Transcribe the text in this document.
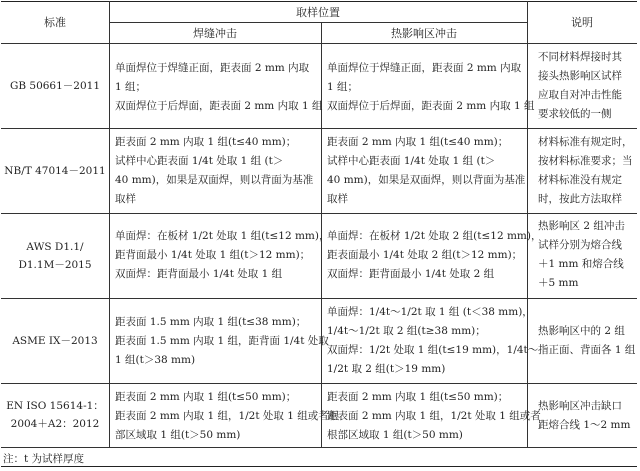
标准
取样位置
焊缝冲击	热影响区冲击
说明

GB 50661－2011

单面焊位于焊缝正面，距表面 2 mm 内取

1 组；

双面焊位于后焊面，距表面 2 mm 内取 1 组

单面焊位于焊缝正面，距表面 2 mm 内取

1 组；

双面焊位于后焊面，距表面 2 mm 内取 1 组

不同材料焊接时其

接头热影响区试样

应取自对冲击性能

要求较低的一侧

NB/T 47014－2011

距表面 2 mm 内取 1 组(t≤40 mm)；

试样中心距表面 1/4t 处取 1 组 (t＞

40 mm)，如果是双面焊，则以背面为基准

取样

距表面 2 mm 内取 1 组(t≤40 mm)；

试样中心距表面 1/4t 处取 1 组 (t＞

40 mm)，如果是双面焊，则以背面为基准

取样

材料标准有规定时，

按材料标准要求；当

材料标准没有规定

时，按此方法取样

AWS D1.1/

D1.1M－2015

单面焊：在板材 1/2t 处取 1 组(t≤12 mm)，

距背面最小 1/4t 处取 1 组(t＞12 mm)；

双面焊：距背面最小 1/4t 处取 1 组

单面焊：在板材 1/2t 处取 2 组(t≤12 mm)，

距表面最小 1/4t 处取 2 组(t＞12 mm)；

双面焊：距背面最小 1/4t 处取 2 组

热影响区 2 组冲击

试样分别为熔合线

＋1 mm 和熔合线

＋5 mm

ASME IX－2013

距表面 1.5 mm 内取 1 组(t≤38 mm)；

距表面 1.5 mm 内取 1 组，距背面 1/4t 处取

1 组(t＞38 mm)

单面焊：1/4t～1/2t 取 1 组 (t＜38 mm)，

1/4t～1/2t 取 2 组(t≥38 mm)；

双面焊：1/2t 处取 1 组(t≤19 mm)，1/4t～

1/2t 取 2 组(t＞19 mm)

热影响区中的 2 组

指正面、背面各 1 组

EN ISO 15614-1：

2004＋A2：2012

距表面 2 mm 内取 1 组(t≤50 mm)；

距表面 2 mm 内取 1 组，1/2t 处取 1 组或者根

部区域取 1 组(t＞50 mm)

距表面 2 mm 内取 1 组(t≤50 mm)；

距表面 2 mm 内取 1 组，1/2t 处取 1 组或者

根部区域取 1 组(t＞50 mm)

热影响区冲击缺口

距熔合线 1～2 mm

注：t 为试样厚度
